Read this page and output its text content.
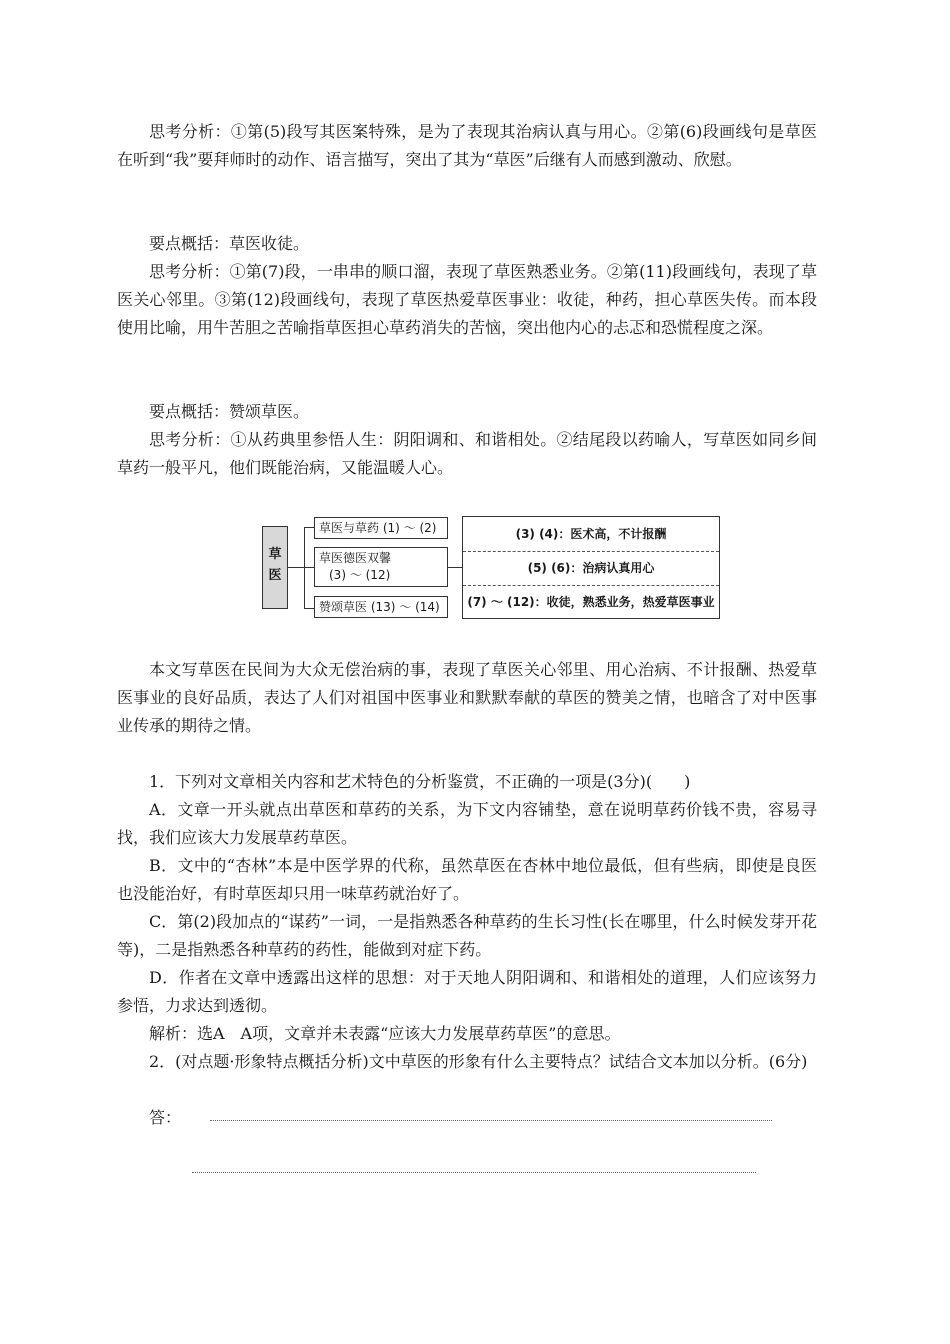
思考分析：①第(5)段写其医案特殊，是为了表现其治病认真与用心。②第(6)段画线句是草医在听到“我”要拜师时的动作、语言描写，突出了其为“草医”后继有人而感到激动、欣慰。

要点概括：草医收徒。

思考分析：①第(7)段，一串串的顺口溜，表现了草医熟悉业务。②第(11)段画线句，表现了草医关心邻里。③第(12)段画线句，表现了草医热爱草医事业：收徒，种药，担心草医失传。而本段使用比喻，用牛苦胆之苦喻指草医担心草药消失的苦恼，突出他内心的忐忑和恐慌程度之深。

要点概括：赞颂草医。

思考分析：①从药典里参悟人生：阴阳调和、和谐相处。②结尾段以药喻人，写草医如同乡间草药一般平凡，他们既能治病，又能温暖人心。

草
医
草医与草药 (1) ～ (2)
草医德医双馨
(3) ～ (12)
赞颂草医 (13) ～ (14)
(3) (4)：医术高，不计报酬
(5) (6)：治病认真用心
(7) ～ (12)：收徒，熟悉业务，热爱草医事业

本文写草医在民间为大众无偿治病的事，表现了草医关心邻里、用心治病、不计报酬、热爱草医事业的良好品质，表达了人们对祖国中医事业和默默奉献的草医的赞美之情，也暗含了对中医事业传承的期待之情。

1．下列对文章相关内容和艺术特色的分析鉴赏，不正确的一项是(3分)(　　)

A．文章一开头就点出草医和草药的关系，为下文内容铺垫，意在说明草药价钱不贵，容易寻找，我们应该大力发展草药草医。

B．文中的“杏林”本是中医学界的代称，虽然草医在杏林中地位最低，但有些病，即使是良医也没能治好，有时草医却只用一味草药就治好了。

C．第(2)段加点的“谋药”一词，一是指熟悉各种草药的生长习性(长在哪里，什么时候发芽开花等)，二是指熟悉各种草药的药性，能做到对症下药。

D．作者在文章中透露出这样的思想：对于天地人阴阳调和、和谐相处的道理，人们应该努力参悟，力求达到透彻。

解析：选A　A项，文章并未表露“应该大力发展草药草医”的意思。

2．(对点题·形象特点概括分析)文中草医的形象有什么主要特点？试结合文本加以分析。(6分)

答：
